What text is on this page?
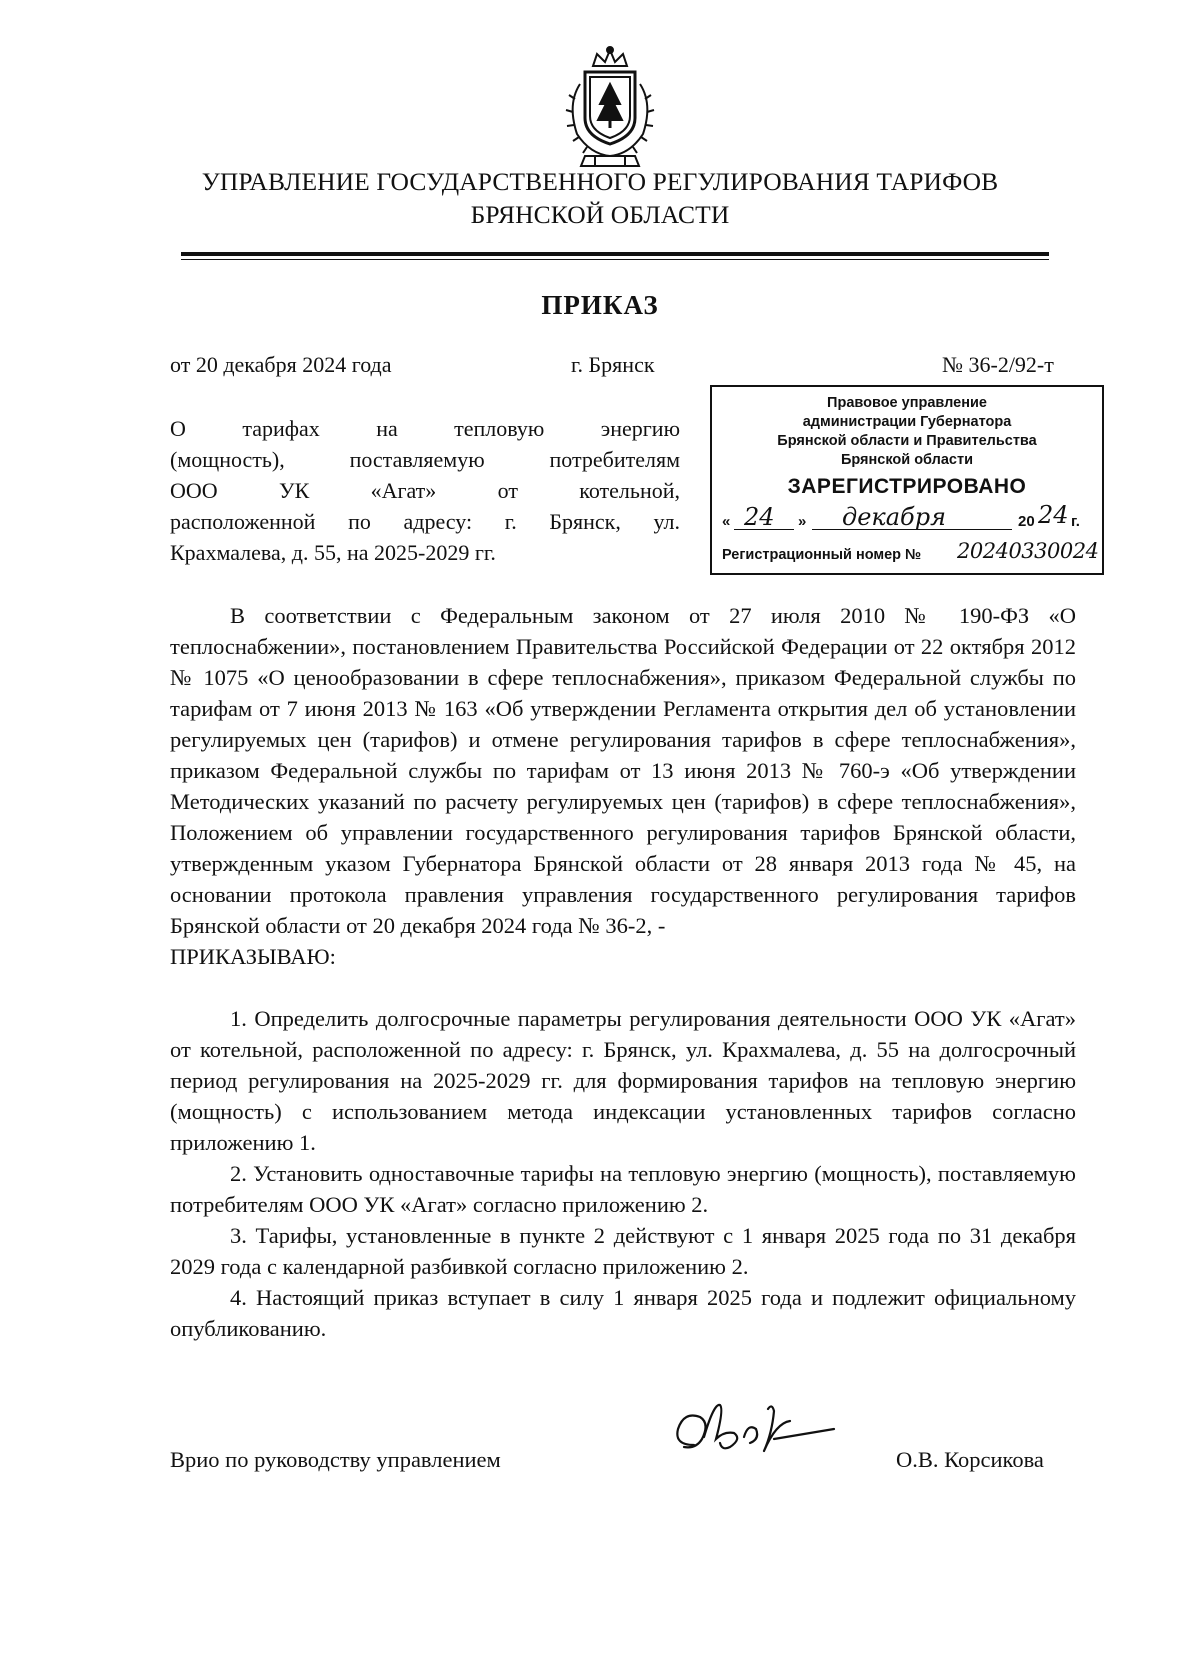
УПРАВЛЕНИЕ ГОСУДАРСТВЕННОГО РЕГУЛИРОВАНИЯ ТАРИФОВ
БРЯНСКОЙ ОБЛАСТИ
ПРИКАЗ
от 20 декабря 2024 года	г. Брянск	№ 36-2/92-т
О тарифах на тепловую энергию
(мощность), поставляемую потребителям
ООО УК «Агат» от котельной,
расположенной по адресу: г. Брянск, ул.
Крахмалева, д. 55, на 2025-2029 гг.
Правовое управление
администрации Губернатора
Брянской области и Правительства
Брянской области
ЗАРЕГИСТРИРОВАНО
« 24 » декабря	20 24 г.
Регистрационный номер № 20240330024

В соответствии с Федеральным законом от 27 июля 2010 № 190-ФЗ «О теплоснабжении», постановлением Правительства Российской Федерации от 22 октября 2012 № 1075 «О ценообразовании в сфере теплоснабжения», приказом Федеральной службы по тарифам от 7 июня 2013 № 163 «Об утверждении Регламента открытия дел об установлении регулируемых цен (тарифов) и отмене регулирования тарифов в сфере теплоснабжения», приказом Федеральной службы по тарифам от 13 июня 2013 № 760-э «Об утверждении Методических указаний по расчету регулируемых цен (тарифов) в сфере теплоснабжения», Положением об управлении государственного регулирования тарифов Брянской области, утвержденным указом Губернатора Брянской области от 28 января 2013 года № 45, на основании протокола правления управления государственного регулирования тарифов Брянской области от 20 декабря 2024 года № 36-2, -

ПРИКАЗЫВАЮ:

1. Определить долгосрочные параметры регулирования деятельности ООО УК «Агат» от котельной, расположенной по адресу: г. Брянск, ул. Крахмалева, д. 55 на долгосрочный период регулирования на 2025-2029 гг. для формирования тарифов на тепловую энергию (мощность) с использованием метода индексации установленных тарифов согласно приложению 1.

2. Установить одноставочные тарифы на тепловую энергию (мощность), поставляемую потребителям ООО УК «Агат» согласно приложению 2.

3. Тарифы, установленные в пункте 2 действуют с 1 января 2025 года по 31 декабря 2029 года с календарной разбивкой согласно приложению 2.

4. Настоящий приказ вступает в силу 1 января 2025 года и подлежит официальному опубликованию.

Врио по руководству управлением	О.В. Корсикова
